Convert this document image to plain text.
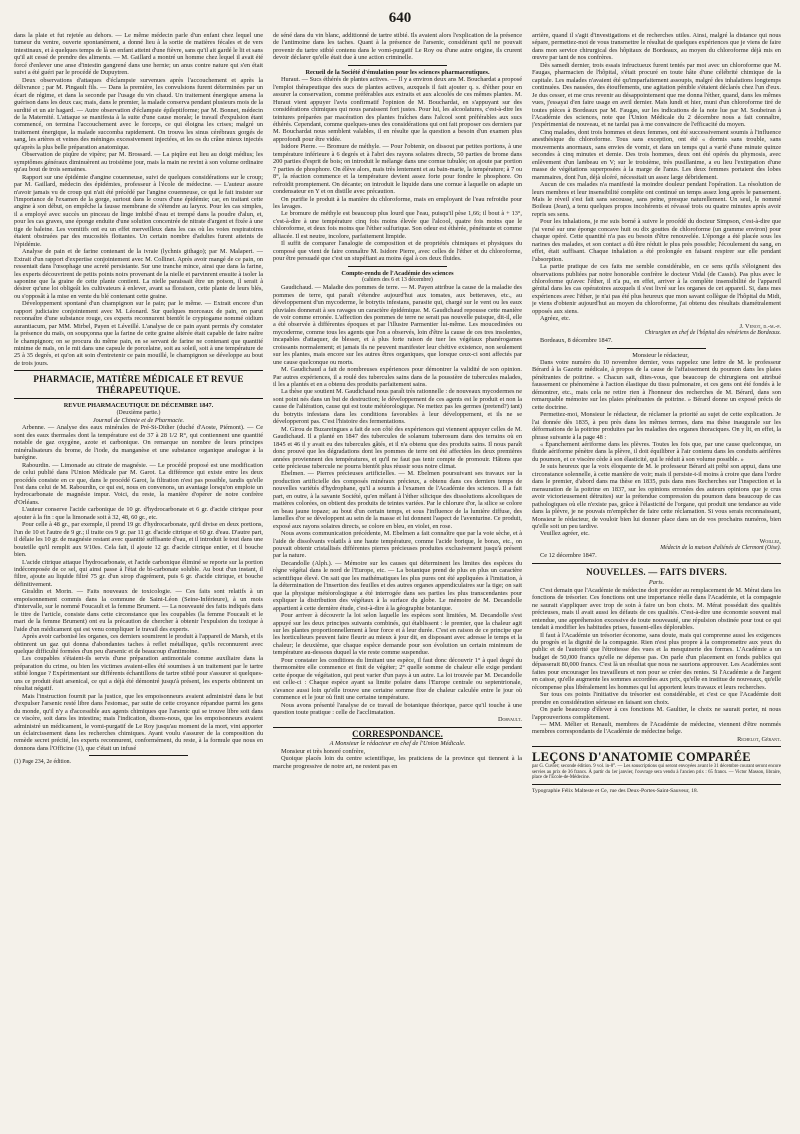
640

dans la plaie et fut rejetée au dehors. — Le même médecin parle d'un enfant chez lequel une tumeur du ventre, ouverte spontanément, a donné lieu à la sortie de matières fécales et de vers intestinaux, et à quelques temps de là un enfant atteint d'une fièvre, sans qu'il ait gardé le lit et sans qu'il ait cessé de prendre des aliments. — M. Gaillard a montré un homme chez lequel il avait été forcé d'enlever une anse d'intestin gangrené dans une hernie; un anus contre nature qui s'en était suivi a été guéri par le procédé de Dupuytren.

Deux observations d'attaques d'éclampsie survenues après l'accouchement et après la délivrance ; par M. Pingault fils. — Dans la première, les convulsions furent déterminées par un écart de régime, et dans la seconde par l'usage du vin chaud. Un traitement énergique amena la guérison dans les deux cas; mais, dans le premier, la malade conserva pendant plusieurs mois de la surdité et un air hagard. — Autre observation d'éclampsie épileptiforme; par M. Bonnet, médecin de la Maternité. L'attaque se manifesta à la suite d'une cause morale; le travail d'expulsion étant commencé, on termina l'accouchement avec le forceps, ce qui éloigna les crises; malgré un traitement énergique, la malade succomba rapidement. On trouva les sinus cérébraux gorgés de sang, les artères et veines des méninges excessivement injectées, et les os du crâne mieux injectés qu'après la plus belle préparation anatomique.

Observation de piqûre de vipère; par M. Brossard. — La piqûre eut lieu au doigt médius; les symptômes généraux diminuèrent au troisième jour, mais la main ne revint à son volume ordinaire qu'au bout de trois semaines.

Rapport sur une épidémie d'angine couenneuse, suivi de quelques considérations sur le croup; par M. Gaillard, médecin des épidémies, professeur à l'école de médecine. — L'auteur assure n'avoir jamais vu de croup qui n'ait été précédé par l'angine couenneuse, ce qui le fait insister sur l'importance de l'examen de la gorge, surtout dans le cours d'une épidémie; car, en traitant cette angine à son début, on empêche la fausse membrane de s'étendre au larynx. Pour les cas simples, il a employé avec succès un pinceau de linge imbibé d'eau et trempé dans la poudre d'alun, et, pour les cas graves, une éponge enduite d'une solution concentrée de nitrate d'argent et fixée à une tige de baleine. Les vomitifs ont eu un effet merveilleux dans les cas où les voies respiratoires étaient obstruées par des mucosités flottantes. Un certain nombre d'adultes furent atteints de l'épidémie.

Analyse de pain et de farine contenant de la ivraie (lychnis githago); par M. Malapert. — Extrait d'un rapport d'expertise conjointement avec M. Collinet. Après avoir mangé de ce pain, on ressentait dans l'œsophage une acreté persistante. Sur une tranche mince, ainsi que dans la farine, les experts découvrirent de petits points noirs provenant de la nielle et parvinrent ensuite à isoler la saponine que la graine de cette plante contient. La nielle paraissait être un poison, il serait à désirer qu'une loi obligeât les cultivateurs à enlever, avant sa floraison, cette plante de leurs blés, ou s'opposât à la mise en vente du blé contenant cette graine.

Développement spontané d'un champignon sur le pain; par le même. — Extrait encore d'un rapport judiciaire conjointement avec M. Léonard. Sur quelques morceaux de pain, on parut reconnaître d'une substance rouge, ces experts reconnurent bientôt le cryptogame nommé oidium aurantiacum, par MM. Mirbel, Payen et Léveillé. L'analyse de ce pain ayant permis d'y constater la présence du maïs, on soupçonna que la farine de cette graine altérée était capable de faire naître le champignon; on se procura du même pain, en se servant de farine ne contenant que quantité minime de maïs, on le mit dans une capsule de porcelaine, soit au soleil, soit à une température de 25 à 35 degrés, et qu'on ait soin d'entretenir ce pain mouillé, le champignon se développe au bout de trois jours.

PHARMACIE, MATIÈRE MÉDICALE ET REVUE THÉRAPEUTIQUE.
REVUE PHARMACEUTIQUE DE DÉCEMBRE 1847.
(Deuxième partie.)
Journal de Chimie et de Pharmacie.

Arbenne. — Analyse des eaux minérales de Pré-St-Didier (duché d'Aoste, Piémont). — Ce sont des eaux thermales dont la température est de 37 à 28 1/2 R°, qui contiennent une quantité notable de gaz oxygène, azote et carbonique. On remarque un nombre de leurs principes minéralisateurs du brome, de l'iode, du manganèse et une substance organique analogue à la barégine.

Rabourdin. — Limonade au citrate de magnésie. — Le procédé proposé est une modification de celui publié dans l'Union Médicale par M. Garot. La différence qui existe entre les deux procédés consiste en ce que, dans le procédé Garot, la filtration n'est pas possible, tandis qu'elle l'est dans celui de M. Rabourdin, ce qui est, nous en convenons, un avantage lorsqu'on emploie un hydrocarbonate de magnésie impur. Voici, du reste, la manière d'opérer de notre confrère d'Orléans.

L'auteur conserve l'acide carbonique de 10 gr. d'hydrocarbonate et 6 gr. d'acide citrique pour ajouter à la fin : que la limonade soit à 32, 48, 60 gr., etc.

Pour celle à 48 gr., par exemple, il prend 19 gr. d'hydrocarbonate, qu'il divise en deux portions, l'un de 10 et l'autre de 9 gr.; il traite ces 9 gr. par 11 gr. d'acide citrique et 60 gr. d'eau. D'autre part, il délaie les 10 gr. de magnésie restant avec quantité suffisante d'eau, et il introduit le tout dans une bouteille qu'il remplit aux 9/10es. Cela fait, il ajoute 12 gr. d'acide citrique entier, et il bouche bien.

L'acide citrique attaque l'hydrocarbonate, et l'acide carbonique éliminé se reporte sur la portion indécomposée de ce sel, qui ainsi passe à l'état de bi-carbonate soluble. Au bout d'un instant, il filtre, ajoute au liquide filtré 75 gr. d'un sirop d'agrément, puis 6 gr. d'acide citrique, et bouche définitivement.

Giraldin et Morin. — Faits nouveaux de toxicologie. — Ces faits sont relatifs à un empoisonnement commis dans la commune de Saint-Léon (Seine-Inférieure), à un mois d'intervalle, sur le nommé Foucault et la femme Brument. — La nouveauté des faits indiqués dans le titre de l'article, consiste dans cette circonstance que les coupables (la femme Foucault et le mari de la femme Brument) ont eu la précaution de chercher à obtenir l'expulsion du toxique à l'aide d'un médicament qui est venu compliquer le travail des experts.

Après avoir carbonisé les organes, ces derniers soumirent le produit à l'appareil de Marsh, et ils obtinrent un gaz qui donna d'abondantes taches à reflet métallique, qu'ils reconnurent avec quelque difficulté formées d'un peu d'arsenic et de beaucoup d'antimoine.

Les coupables s'étaient-ils servis d'une préparation antimoniale comme auxiliaire dans la préparation du crime, ou bien les victimes avaient-elles été soumises à un traitement par le tartre stibié longue ? Expérimentant sur différents échantillons de tartre stibié pour s'assurer si quelques-uns ce produit était arsenical, ce qui a déjà été démontré jusqu'à présent, les experts obtinrent un résultat négatif.

Mais l'instruction fournit par la justice, que les empoisonneurs avaient administré dans le but d'expulser l'arsenic resté libre dans l'estomac, par suite de cette croyance répandue parmi les gens du monde, qu'il n'y a d'accessible aux agents chimiques que l'arsenic qui se trouve libre soit dans ce viscère, soit dans les intestins; mais l'indication, disons-nous, que les empoisonneurs avaient administré un médicament, le vomi-purgatif de Le Roy jusqu'au moment de la mort, vint apporter un éclaircissement dans les recherches chimiques. Ayant voulu s'assurer de la composition du remède secret précité, les experts reconnurent, conformément, du reste, à la formule que nous en donnons dans l'Officine (1), que c'était un infusé

(1) Page 234, 2e édition.

de séné dans du vin blanc, additionné de tartre stibié. Ils avaient alors l'explication de la présence de l'antimoine dans les taches. Quant à la présence de l'arsenic, considérant qu'il ne pouvait provenir du tartre stibié contenu dans le vomi-purgatif Le Roy ou d'une autre origine, ils crurent devoir déclarer qu'elle était due à une action criminelle.

Recueil de la Société d'émulation pour les sciences pharmaceutiques.

Huraut. — Sucs éthérés de plantes actives. — Il y a environ deux ans M. Bouchardat a proposé l'emploi thérapeutique des sucs de plantes actives, auxquels il fait ajouter q. s. d'éther pour en assurer la conservation, comme préférables aux extraits et aux alcoolés de ces mêmes plantes. M. Huraut vient appuyer l'avis confirmatif l'opinion de M. Bouchardat, en s'appuyant sur des considérations chimiques qui nous paraissent fort justes. Pour lui, les alcoolatures, c'est-à-dire les teintures préparées par macération des plantes fraîches dans l'alcool sont préférables aux sucs éthérés. Cependant, comme quelques-unes des considérations qui ont fait proposer ces derniers par M. Bouchardat nous semblent valables, il en résulte que la question a besoin d'un examen plus approfondi pour être vidée.

Isidore Pierre. — Bromure de méthyle. — Pour l'obtenir, on dissout par petites portions, à une température inférieure à 6 degrés et à l'abri des rayons solaires directs, 50 parties de brome dans 200 parties d'esprit de bois; on introduit le mélange dans une cornue tubulée; on ajoute par portion 7 parties de phosphore. On élève alors, mais très lentement et au bain-marie, la température; à 7 ou 8°, la réaction commence et la température devient assez forte pour fondre le phosphore. On refroidit promptement. On décante; on introduit le liquide dans une cornue à laquelle on adapte un condensateur en Y et on distille avec précaution.

On purifie le produit à la manière du chloroforme, mais en employant de l'eau refroidie pour les lavages.

Le bromure de méthyle est beaucoup plus lourd que l'eau, puisqu'il pèse 1,66; il bout à + 13°, c'est-à-dire à une température cinq fois moins élevée que l'alcool, quatre fois moins que le chloroforme, et deux fois moins que l'éther sulfurique. Son odeur est éthérée, pénétrante et comme alliacée. Il est neutre, incolore, parfaitement limpide.

Il suffit de comparer l'analogie de composition et de propriétés chimiques et physiques du composé que vient de faire connaître M. Isidore Pierre, avec celles de l'éther et du chloroforme, pour être persuadé que c'est un stupéfiant au moins égal à ces deux fluides.

Compte-rendu de l'Académie des sciences
(cahiers des 6 et 13 décembre)

Gaudichaud. — Maladie des pommes de terre. — M. Payen attribue la cause de la maladie des pommes de terre, qui paraît s'étendre aujourd'hui aux tomates, aux betteraves, etc., au développement d'un mycoderme, le botrytis infestans, parasite qui, chargé sur le vent ou les eaux pluviales donnerait à ses ravages un caractère épidémique. M. Gaudichaud repousse cette manière de voir comme erronée. L'affection des pommes de terre ne serait pas nouvelle puisque, dit-il, elle a été observée à différentes époques et par l'illustre Parmentier lui-même. Les moucedinées ou mycoderme, comme tous les agents que l'on a observés, loin d'être la cause de ces tres insolentes, incapables d'attaquer, de blesser, et à plus forte raison de tuer les végétaux phanérogames croissants normalement; et jamais ils ne peuvent manifester leur chétive existence, non seulement sur les plantes, mais encore sur les autres êtres organiques, que lorsque ceux-ci sont affectés par une cause quelconque ou morts.

M. Gaudichaud a fait de nombreuses expériences pour démontrer la validité de son opinion. Par autres expériences, il a roulé des tubercules sains dans de la poussière de tubercules malades, il les a plantés et en a obtenu des produits parfaitement sains.

La thèse que soutient M. Gaudichaud nous paraît très rationnelle : de nouveaux mycodermes ne sont point nés dans un but de destruction; le développement de ces agents est le produit et non la cause de l'altération, cause qui est toute météorologique. Ne mettez pas les germes (pretend?) tant) du botrytis infestans dans les conditions favorables à leur développement, et ils ne se développeront pas. C'est l'histoire des fermentations.

M. Girou de Buzareingues a fait de son côté des expériences qui viennent appuyer celles de M. Gaudichaud. Il a planté en 1847 des tubercules de solanum tuberosum dans des terrains où en 1845 et 46 il y avait eu des tubercules gâtés, et il n'a obtenu que des produits sains. Il nous paraît donc prouvé que les dégradations dont les pommes de terre ont été affectées les deux premières années proviennent des températures, et qu'il ne faut pas tenir compte de promouir. Hâtons que cette précieuse tubercule ne pourra bientôt plus réussir sous notre climat.

Ebelmen. — Pierres précieuses artificielles. — M. Ebelmen poursuivant ses travaux sur la production artificielle des composés minéraux précieux, a obtenu dans ces derniers temps de nouvelles variétés d'hydrophane, qu'il a soumis à l'examen de l'Académie des sciences. Il a fait part, en outre, à la savante Société, qu'en mêlant à l'éther silicique des dissolutions alcooliques de matières colorées, on obtient des produits de teintes variées. Par le chlorure d'or, la silice se colore en beau jaune topaze; au bout d'un certain temps, et sous l'influence de la lumière diffuse, des lamelles d'or se développent au sein de la masse et lui donnent l'aspect de l'aventurine. Ce produit, exposé aux rayons solaires directs, se colore en bleu, en violet, en rose.

Nous avons communication précédente, M. Ebelmen a fait connaître que par la voie sèche, et à l'aide de dissolvants volatils à une haute température, comme l'acide borique, le borax, etc., on pouvait obtenir cristallisés différentes pierres précieuses produites exclusivement jusqu'à présent par la nature.

Decandolle (Alph.). — Mémoire sur les causes qui déterminent les limites des espèces du règne végétal dans le nord de l'Europe, etc. — La botanique prend de plus en plus un caractère scientifique élevé. On sait que les mathématiques les plus pures ont été appliquées à l'imitation, à la détermination de l'insertion des feuilles et des autres organes appendiculaires sur la tige; on sait que la physique météorologique a été interrogée dans ses parties les plus transcendantes pour expliquer la distribution des végétaux à la surface du globe. Le mémoire de M. Decandolle appartient à cette dernière étude, c'est-à-dire à la géographie botanique.

Pour arriver à découvrir la loi selon laquelle les espèces sont limitées, M. Decandolle s'est appuyé sur les deux principes suivants combinés, qui établissent : le premier, que la chaleur agit sur les plantes proportionnellement à leur force et à leur durée. C'est en raison de ce principe que les horticulteurs peuvent faire fleurir au mieux à jour dit, en disposant avec adresse le temps et la chaleur; le deuxième, que chaque espèce demande pour son évolution un certain minimum de température au-dessous duquel la vie reste comme suspendue.

Pour constater les conditions du limitant une espèce, il faut donc découvrir 1° à quel degré du thermomètre elle commence et finit de végéter; 2° quelle somme de chaleur elle exige pendant cette époque de végétation, qui peut varier d'un pays à un autre. La loi trouvée par M. Decandolle est celle-ci : Chaque espèce ayant sa limite polaire dans l'Europe centrale ou septentrionale, s'avance aussi loin qu'elle trouve une certaine somme fixe de chaleur calculée entre le jour où commence et le jour où finit une certaine température.

Nous avons présenté l'analyse de ce travail de botanique théorique, parce qu'il touche à une question toute pratique : celle de l'acclimatation.

Dorvault.
CORRESPONDANCE.

A Monsieur le rédacteur en chef de l'Union Médicale.

Monsieur et très honoré confrère,

Quoique placés loin du centre scientifique, les praticiens de la province qui tiennent à la marche progressive de notre art, ne restent pas en

arrière, quand il s'agit d'investigations et de recherches utiles. Ainsi, malgré la distance qui nous sépare, permettez-moi de vous transmettre le résultat de quelques expériences que je viens de faire dans mon service chirurgical des hôpitaux de Bordeaux, au moyen du chloroforme déjà mis en œuvre par tant de nos confrères.

Dès samedi dernier, trois essais infructueux furent tentés par moi avec un chloroforme que M. Faugas, pharmacien de l'hôpital, s'était procuré en toute hâte d'une célébrité chimique de la capitale. Les malades n'avaient été qu'imparfaitement assoupis, malgré des inhalations longtemps continuées. Des nausées, des étouffements, une agitation pénible s'étaient déclarés chez l'un d'eux. Je dus cesser, et me crus revenir au désappointement que me donna l'éther, quand, dans les mêmes vues, j'essayai d'en faire usage en avril dernier. Mais lundi et hier, muni d'un chloroforme tiré de toutes pièces à Bordeaux par M. Faugas, sur les indications de la note lue par M. Soubeiran à l'Académie des sciences, note que l'Union Médicale du 2 décembre nous a fait connaître, j'expérimentai de nouveau, et ne tardai pas à me convaincre de l'efficacité du moyen.

Cinq malades, dont trois hommes et deux femmes, ont été successivement soumis à l'influence anesthésique du chloroforme. Tous sans exception, ont été « dormis sans trouble, sans mouvements anormaux, sans envies de vomir, et dans un temps qui a varié d'une minute quinze secondes à cinq minutes et demie. Des trois hommes, deux ont été opérés du phymosis, avec enlèvement d'un lambeau en V; sur le troisième, très pusillanime, a eu lieu l'extirpation d'une masse de végétations superposées à la marge de l'anus. Les deux femmes portaient des lobes mammaires, dont l'un, déjà ulcéré, nécessitait un assez large débridement.

Aucun de ces malades n'a manifesté la moindre douleur pendant l'opération. La résolution de leurs membres et leur insensibilité complète ont continué un temps assez long après le pansement. Mais le réveil s'est fait sans secousse, sans peine, presque naturellement. Un seul, le nommé Boileau (Jean), a tenu quelques propos incohérents et révassé trois ou quatre minutes après avoir repris ses sens.

Pour les inhalations, je me suis borné à suivre le procédé du docteur Simpson, c'est-à-dire que j'ai versé sur une éponge concave huit ou dix gouttes de chloroforme (un gramme environ) pour chaque opéré. Cette quantité n'a pas eu besoin d'être renouvelée. L'éponge a été placée sous les narines des malades, et son contact a dû être réduit le plus près possible; l'écoulement du sang, en effet, était suffisant. Chaque inhalation a été prolongée en faisant respirer sur elle pendant l'absorption.

La partie pratique de ces faits me semble considérable, en ce sens qu'ils s'éloignent des observations publiées par notre honorable confrère le docteur Vidal (de Cassis). Pas plus avec le chloroforme qu'avec l'éther, il n'a pu, en effet, arriver à la complète insensibilité de l'appareil génital dans les cas opératoires auxquels il s'est livré sur les organes de cet appareil. Si, dans mes expériences avec l'éther, je n'ai pas été plus heureux que mon savant collègue de l'hôpital du Midi, je viens d'obtenir aujourd'hui au moyen du chloroforme, j'ai obtenu des résultats diamétralement opposés aux siens.

Agréez, etc.

J. Venot, d.-m.-p.
Chirurgien en chef de l'hôpital des vénériens de Bordeaux.

Bordeaux, 8 décembre 1847.

Monsieur le rédacteur,

Dans votre numéro du 10 novembre dernier, vous rappelez une lettre de M. le professeur Bérard à la Gazette médicale, à propos de la cause de l'affaissement du poumon dans les plaies pénétrantes de poitrine. « Chacun sait, dites-vous, que beaucoup de chirurgiens ont attribué faussement ce phénomène à l'action élastique du tissu pulmonaire, et ces gens ont été fondés à le démontrer, etc., mais cela ne retire rien à l'honneur des recherches de M. Bérard, dans son remarquable mémoire sur les plaies pénétrantes de poitrine. » Bérard donne un exposé précis de cette doctrine.

Permettez-moi, Monsieur le rédacteur, de réclamer la priorité au sujet de cette explication. Je l'ai donnée dès 1835, à peu près dans les mêmes termes, dans ma thèse inaugurale sur les déformations de la poitrine produites par les maladies des organes thoraciques. On y lit, en effet, la phrase suivante à la page 48 :

« Épanchement aériforme dans les plèvres. Toutes les fois que, par une cause quelconque, un fluide aériforme pénètre dans la plèvre, il doit équilibrer à l'air contenu dans les conduits aérifères du poumon, et ce viscère cède à son élasticité, qui le réduit à son volume possible. »

Je suis heureux que la voix éloquente de M. le professeur Bérard ait prêté son appui, dans une circonstance solennelle, à cette manière de voir; mais il persiste-t-il moins à croire que dans l'ordre dans le premier, d'abord dans ma thèse en 1835, puis dans mes Recherches sur l'inspection et la mensuration de la poitrine en 1837, sur les opinions erronées des auteurs opinions que je crus avoir victorieusement détruites) sur la prétendue compression du poumon dans beaucoup de cas pathologiques où elle n'existe pas, grâce à l'élasticité de l'organe, qui produit une tendance au vide dans la plèvre, je ne pouvais m'empêcher de faire cette réclamation. Si vous serais reconnaissant, Monsieur le rédacteur, de vouloir bien lui donner place dans un de vos prochains numéros, bien qu'elle soit un peu tardive.

Veuillez agréer, etc.

Woillez,
Médecin de la maison d'aliénés de Clermont (Oise).

Ce 12 décembre 1847.

NOUVELLES. — FAITS DIVERS.
Paris.

C'est demain que l'Académie de médecine doit procéder au remplacement de M. Mérat dans les fonctions de trésorier. Ces fonctions ont une importance réelle dans l'Académie, et la compagnie ne saurait s'appliquer avec trop de soin à faire un bon choix. M. Mérat possédait des qualités précieuses, mais il avait aussi les défauts de ces qualités. C'est-à-dire une économie souvent mal entendue, une appréhension excessive de toute nouveauté, une répulsion obstinée pour tout ce qui tendait à modifier les habitudes prises, fussent-elles déplorables.

Il faut à l'Académie un trésorier économe, sans doute, mais qui comprenne aussi les exigences du progrès et la dignité de la compagnie. Rien n'est plus propre à la compromettre aux yeux du public et de l'autorité que l'étroitesse des vues et la mesquinerie des formes. L'Académie a un budget de 50,000 francs qu'elle ne dépense pas. On parle d'un placement en fonds publics qui dépasserait 80,000 francs. C'est là un résultat que nous ne saurions approuver. Les Académies sont faites pour encourager les travailleurs et non pour se créer des rentes. Si l'Académie a de l'argent en caisse, qu'elle augmente les sommes accordées aux prix, qu'elle en institue de nouveaux, qu'elle récompense plus libéralement les hommes qui lui apportent leurs travaux et leurs recherches.

Sur tous ces points l'initiative du trésorier est considérable, et c'est ce que l'Académie doit prendre en considération sérieuse en faisant son choix.

On parle beaucoup d'élever à ces fonctions M. Gaultier, le choix ne saurait porter, ni nous l'approuverions complètement.

— MM. Mélier et Renault, membres de l'Académie de médecine, viennent d'être nommés membres correspondants de l'Académie de médecine belge.

Richelot, Gérant.
LEÇONS D'ANATOMIE COMPARÉE
par G. Cuvier; seconde édition. 9 vol. in-8°. — Les souscriptions qui seront envoyées avant le 31 décembre courant seront encore servies au prix de 36 francs. À partir du 1er janvier, l'ouvrage sera vendu à l'ancien prix : 65 francs. — Victor Masson, libraire, place de l'École-de-Médecine.
Typographie Félix Malteste et Ce, rue des Deux-Portes-Saint-Sauveur, 18.
